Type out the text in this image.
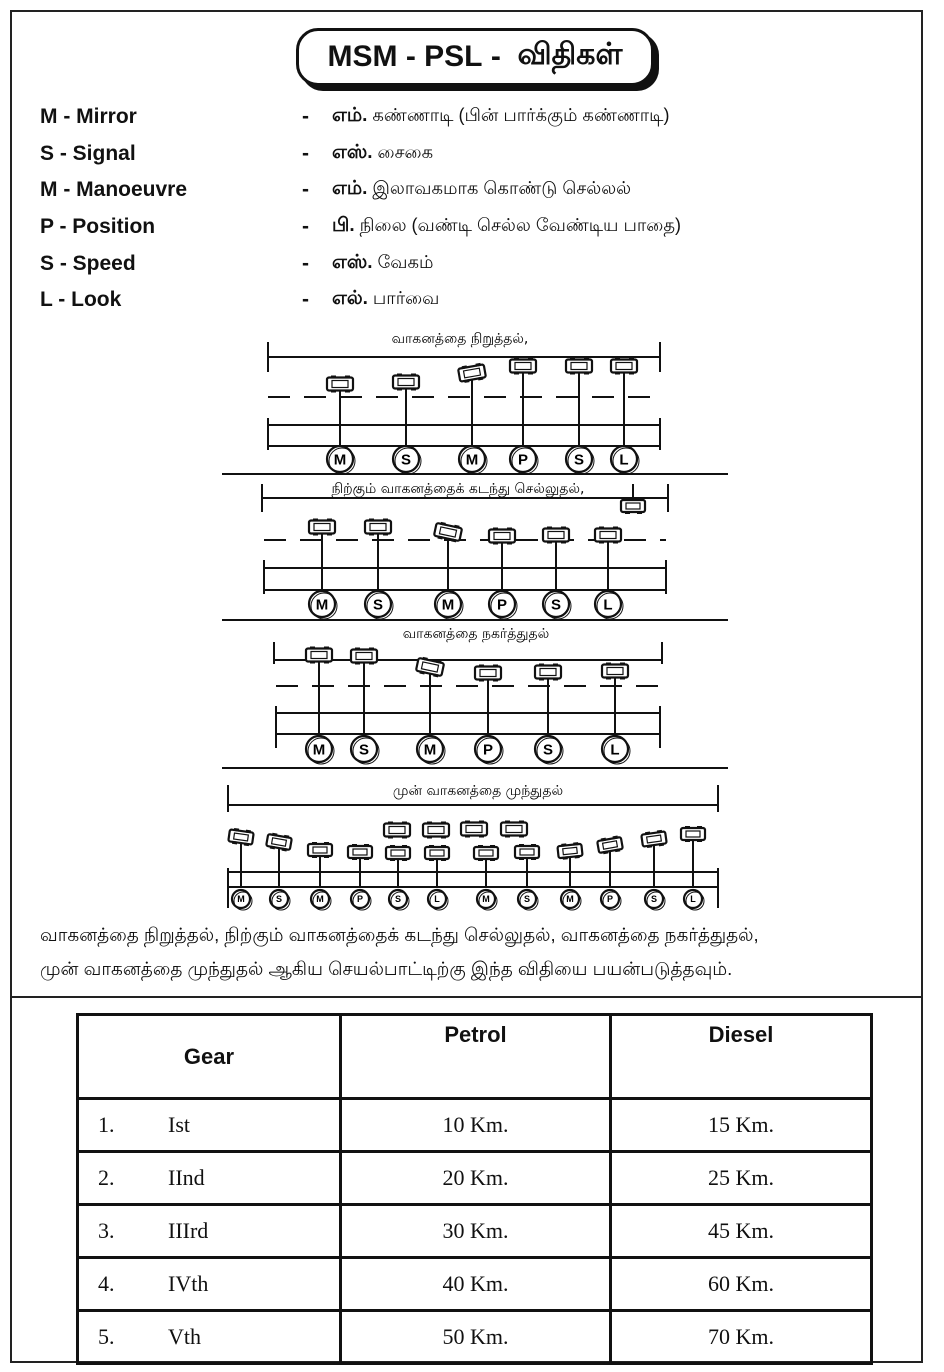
MSM
-
PSL
-
விதிகள்
M - Mirror	- எம். கண்ணாடி (பின் பார்க்கும் கண்ணாடி)
S - Signal	- எஸ். சைகை
M - Manoeuvre	- எம். இலாவகமாக கொண்டு செல்லல்
P - Position	- பி. நிலை (வண்டி செல்ல வேண்டிய பாதை)
S - Speed	- எஸ். வேகம்
L - Look	- எல். பார்வை
வாகனத்தை நிறுத்தல்,
நிற்கும் வாகனத்தைக் கடந்து செல்லுதல்,
வாகனத்தை நகர்த்துதல்
முன் வாகனத்தை முந்துதல்
M	S	M	P	S L
M	S	M	P	S	L
M S	M	P	S	L
M	S	M	P	S	L	M	S	M	P	S	L
வாகனத்தை நிறுத்தல், நிற்கும் வாகனத்தைக் கடந்து செல்லுதல், வாகனத்தை நகர்த்துதல்,
முன் வாகனத்தை முந்துதல் ஆகிய செயல்பாட்டிற்கு இந்த விதியை பயன்படுத்தவும்.
Gear	Petrol	Diesel
1. Ist	10 Km.	15 Km.
2. IInd	20 Km.	25 Km.
3. IIIrd	30 Km.	45 Km.
4. IVth	40 Km.	60 Km.
5. Vth	50 Km.	70 Km.
